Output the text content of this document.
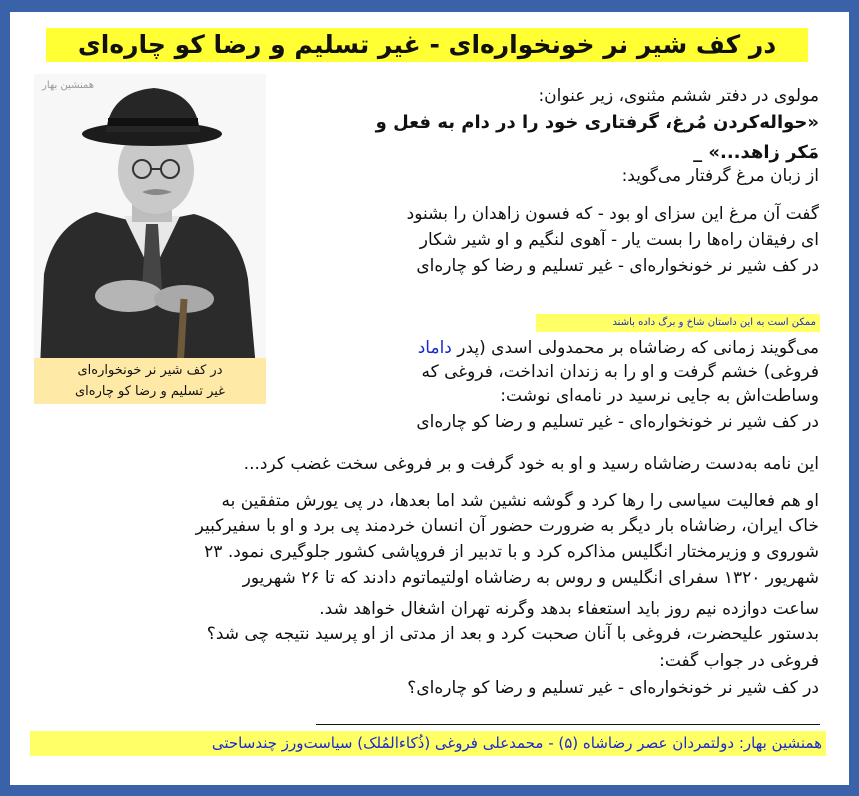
در کف شیر نر خونخواره‌ای - غیر تسلیم و رضا کو چاره‌ای
همنشین بهار
در کف شیر نر خونخواره‌ای
غیر تسلیم و رضا کو چاره‌ای
مولوی در دفتر ششم مثنوی، زیر عنوان:
«حواله‌کردن مُرغ، گرفتاری خود را در دام به فعل و
مَکر زاهد...» _
از زبان مرغ گرفتار می‌گوید:
گفت آن مرغ این سزای او بود - که فسون زاهدان را بشنود
ای رفیقان راه‌ها را بست یار - آهوی لنگیم و او شیر شکار
در کف شیر نر خونخواره‌ای - غیر تسلیم و رضا کو چاره‌ای
ممکن است به این داستان شاخ و برگ داده باشند
می‌گویند زمانی که رضاشاه بر محمدولی اسدی (پدر داماد
فروغی) خشم گرفت و او را به زندان انداخت، فروغی که
وساطت‌اش به جایی نرسید در نامه‌ای نوشت:
در کف شیر نر خونخواره‌ای - غیر تسلیم و رضا کو چاره‌ای
این نامه به‌دست رضاشاه رسید و او به خود گرفت و بر فروغی سخت غضب کرد...
او هم فعالیت سیاسی را رها کرد و گوشه نشین شد اما بعدها، در پی یورش متفقین به
خاک ایران، رضاشاه بار دیگر به ضرورت حضور آن انسان خردمند پی برد و او با سفیرکبیر
شوروی و وزیرمختار انگلیس مذاکره کرد و با تدبیر از فروپاشی کشور جلوگیری نمود. ۲۳
شهریور ۱۳۲۰ سفرای انگلیس و روس به رضاشاه اولتیماتوم دادند که تا ۲۶ شهریور
ساعت دوازده نیم روز باید استعفاء بدهد وگرنه تهران اشغال خواهد شد.
بدستور علیحضرت، فروغی با آنان صحبت کرد و بعد از مدتی از او پرسید نتیجه چی شد؟
فروغی در جواب گفت:
در کف شیر نر خونخواره‌ای - غیر تسلیم و رضا کو چاره‌ای؟
همنشین بهار: دولتمردان عصر رضاشاه (۵) - محمدعلی فروغی (ذُکاءالمُلک) سیاست‌ورز چندساحتی
